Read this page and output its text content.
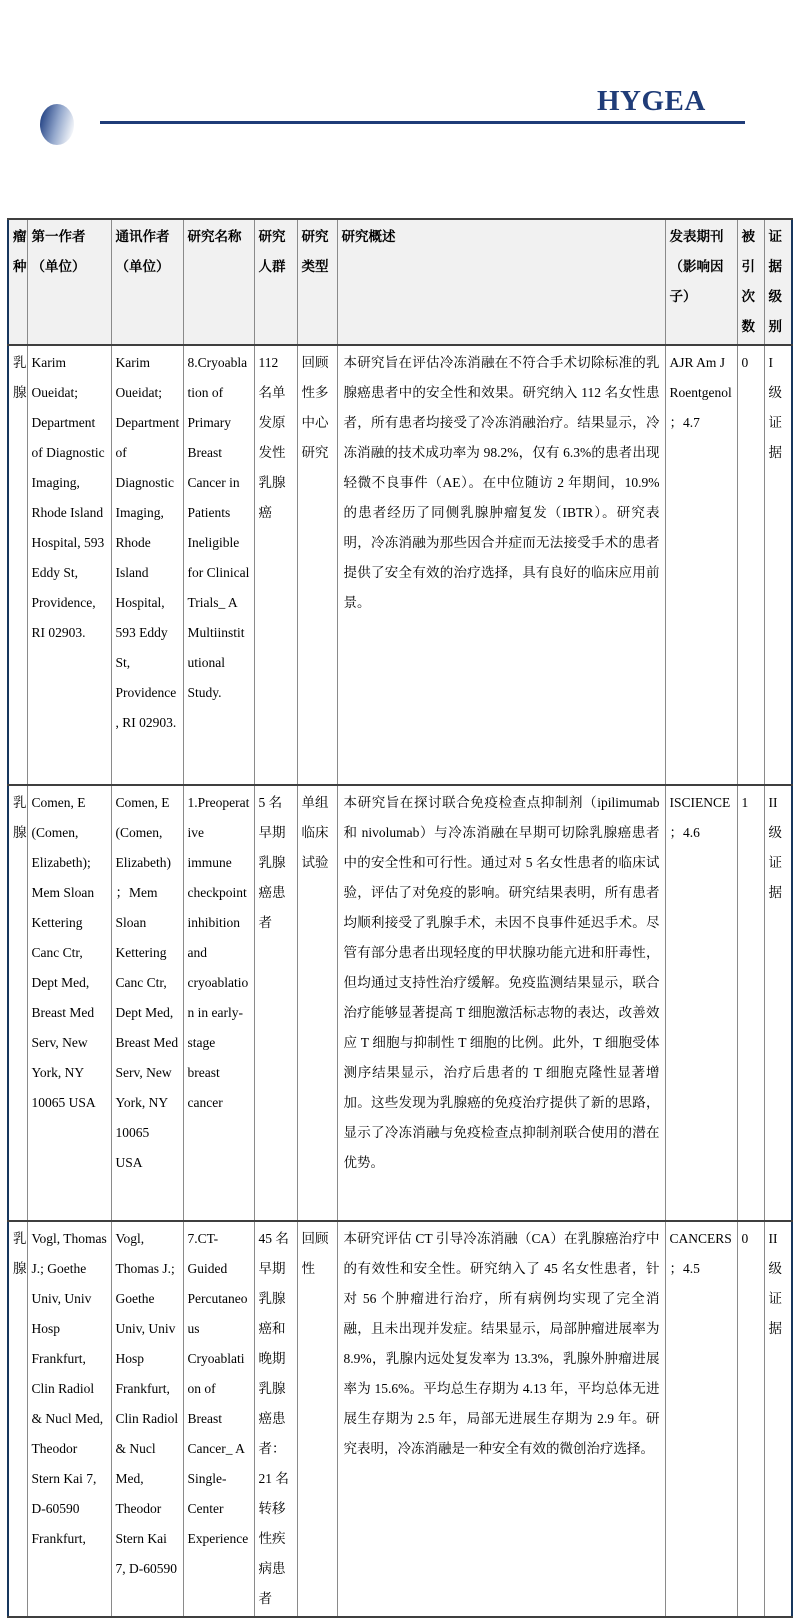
HYGEA
瘤种	第一作者（单位）	通讯作者（单位）	研究名称	研究人群	研究类型	研究概述	发表期刊（影响因子）	被引次数	证据级别
乳腺	Karim Oueidat; Department of Diagnostic Imaging, Rhode Island Hospital, 593 Eddy St, Providence, RI 02903.	Karim Oueidat; Department of Diagnostic Imaging, Rhode Island Hospital, 593 Eddy St, Providence, RI 02903.	8.Cryoablation of Primary Breast Cancer in Patients Ineligible for Clinical Trials_ A Multiinstitutional Study.	112 名单发原发性乳腺癌	回顾性多中心研究	本研究旨在评估冷冻消融在不符合手术切除标准的乳腺癌患者中的安全性和效果。研究纳入 112 名女性患者，所有患者均接受了冷冻消融治疗。结果显示，冷冻消融的技术成功率为 98.2%，仅有 6.3%的患者出现轻微不良事件（AE）。在中位随访 2 年期间，10.9%的患者经历了同侧乳腺肿瘤复发（IBTR）。研究表明，冷冻消融为那些因合并症而无法接受手术的患者提供了安全有效的治疗选择，具有良好的临床应用前景。	AJR Am J Roentgenol；4.7	0	I 级证据
乳腺	Comen, E (Comen, Elizabeth); Mem Sloan Kettering Canc Ctr, Dept Med, Breast Med Serv, New York, NY 10065 USA	Comen, E (Comen, Elizabeth)；Mem Sloan Kettering Canc Ctr, Dept Med, Breast Med Serv, New York, NY 10065 USA	1.Preoperative immune checkpoint inhibition and cryoablation in early-stage breast cancer	5 名早期乳腺癌患者	单组临床试验	本研究旨在探讨联合免疫检查点抑制剂（ipilimumab 和 nivolumab）与冷冻消融在早期可切除乳腺癌患者中的安全性和可行性。通过对 5 名女性患者的临床试验，评估了对免疫的影响。研究结果表明，所有患者均顺利接受了乳腺手术，未因不良事件延迟手术。尽管有部分患者出现轻度的甲状腺功能亢进和肝毒性，但均通过支持性治疗缓解。免疫监测结果显示，联合治疗能够显著提高 T 细胞激活标志物的表达，改善效应 T 细胞与抑制性 T 细胞的比例。此外，T 细胞受体测序结果显示，治疗后患者的 T 细胞克隆性显著增加。这些发现为乳腺癌的免疫治疗提供了新的思路，显示了冷冻消融与免疫检查点抑制剂联合使用的潜在优势。	ISCIENCE；4.6	1	II 级证据
乳腺	Vogl, Thomas J.; Goethe Univ, Univ Hosp Frankfurt, Clin Radiol & Nucl Med, Theodor Stern Kai 7, D-60590 Frankfurt,	Vogl, Thomas J.; Goethe Univ, Univ Hosp Frankfurt, Clin Radiol & Nucl Med, Theodor Stern Kai 7, D-60590	7.CT-Guided Percutaneous Cryoablation of Breast Cancer_ A Single-Center Experience	45 名早期乳腺癌和晚期乳腺癌患者：21 名转移性疾病患者	回顾性	本研究评估 CT 引导冷冻消融（CA）在乳腺癌治疗中的有效性和安全性。研究纳入了 45 名女性患者，针对 56 个肿瘤进行治疗，所有病例均实现了完全消融，且未出现并发症。结果显示，局部肿瘤进展率为 8.9%，乳腺内远处复发率为 13.3%，乳腺外肿瘤进展率为 15.6%。平均总生存期为 4.13 年，平均总体无进展生存期为 2.5 年，局部无进展生存期为 2.9 年。研究表明，冷冻消融是一种安全有效的微创治疗选择。	CANCERS；4.5	0	II 级证据
